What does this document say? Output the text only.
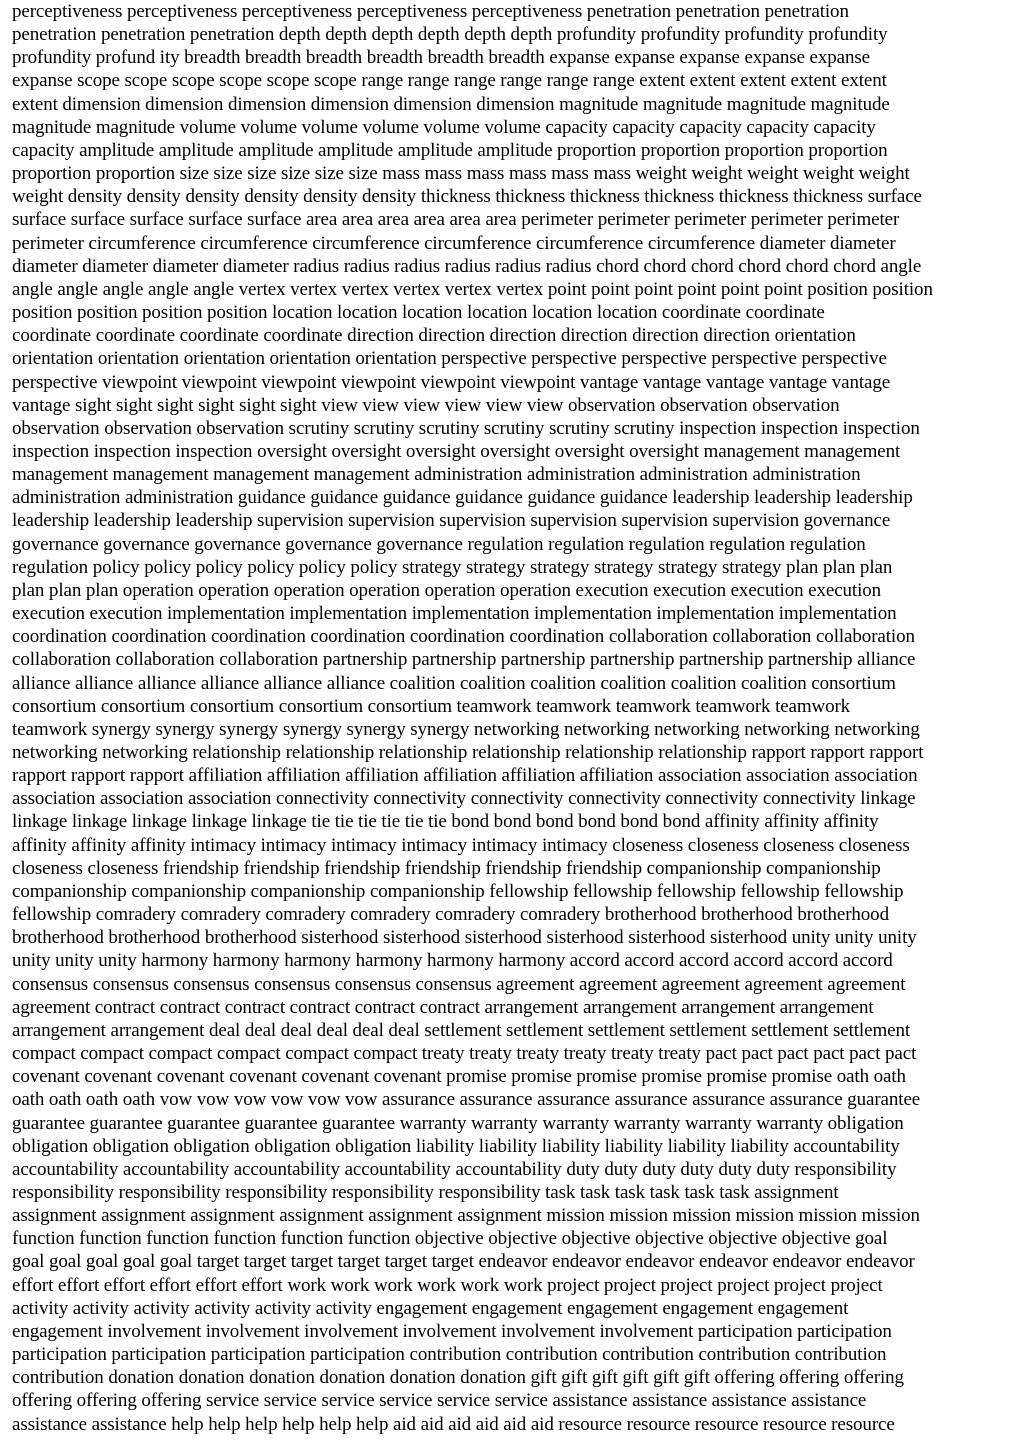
perceptiveness perceptiveness perceptiveness perceptiveness perceptiveness penetration penetration penetration
penetration penetration penetration depth depth depth depth depth depth profundity profundity profundity profundity
profundity profund ity breadth breadth breadth breadth breadth breadth expanse expanse expanse expanse expanse
expanse scope scope scope scope scope scope range range range range range range extent extent extent extent extent
extent dimension dimension dimension dimension dimension dimension magnitude magnitude magnitude magnitude
magnitude magnitude volume volume volume volume volume volume capacity capacity capacity capacity capacity
capacity amplitude amplitude amplitude amplitude amplitude amplitude proportion proportion proportion proportion
proportion proportion size size size size size size mass mass mass mass mass mass weight weight weight weight weight
weight density density density density density density thickness thickness thickness thickness thickness thickness surface
surface surface surface surface surface area area area area area area perimeter perimeter perimeter perimeter perimeter
perimeter circumference circumference circumference circumference circumference circumference diameter diameter
diameter diameter diameter diameter radius radius radius radius radius radius chord chord chord chord chord chord angle
angle angle angle angle angle vertex vertex vertex vertex vertex vertex point point point point point point position position
position position position position location location location location location location coordinate coordinate
coordinate coordinate coordinate coordinate direction direction direction direction direction direction orientation
orientation orientation orientation orientation orientation perspective perspective perspective perspective perspective
perspective viewpoint viewpoint viewpoint viewpoint viewpoint viewpoint vantage vantage vantage vantage vantage
vantage sight sight sight sight sight sight view view view view view view observation observation observation
observation observation observation scrutiny scrutiny scrutiny scrutiny scrutiny scrutiny inspection inspection inspection
inspection inspection inspection oversight oversight oversight oversight oversight oversight management management
management management management management administration administration administration administration
administration administration guidance guidance guidance guidance guidance guidance leadership leadership leadership
leadership leadership leadership supervision supervision supervision supervision supervision supervision governance
governance governance governance governance governance regulation regulation regulation regulation regulation
regulation policy policy policy policy policy policy strategy strategy strategy strategy strategy strategy plan plan plan
plan plan plan operation operation operation operation operation operation execution execution execution execution
execution execution implementation implementation implementation implementation implementation implementation
coordination coordination coordination coordination coordination coordination collaboration collaboration collaboration
collaboration collaboration collaboration partnership partnership partnership partnership partnership partnership alliance
alliance alliance alliance alliance alliance alliance coalition coalition coalition coalition coalition coalition consortium
consortium consortium consortium consortium consortium teamwork teamwork teamwork teamwork teamwork
teamwork synergy synergy synergy synergy synergy synergy networking networking networking networking networking
networking networking relationship relationship relationship relationship relationship relationship rapport rapport rapport
rapport rapport rapport affiliation affiliation affiliation affiliation affiliation affiliation association association association
association association association connectivity connectivity connectivity connectivity connectivity connectivity linkage
linkage linkage linkage linkage linkage tie tie tie tie tie tie bond bond bond bond bond bond affinity affinity affinity
affinity affinity affinity intimacy intimacy intimacy intimacy intimacy intimacy closeness closeness closeness closeness
closeness closeness friendship friendship friendship friendship friendship friendship companionship companionship
companionship companionship companionship companionship fellowship fellowship fellowship fellowship fellowship
fellowship comradery comradery comradery comradery comradery comradery brotherhood brotherhood brotherhood
brotherhood brotherhood brotherhood sisterhood sisterhood sisterhood sisterhood sisterhood sisterhood unity unity unity
unity unity unity harmony harmony harmony harmony harmony harmony accord accord accord accord accord accord
consensus consensus consensus consensus consensus consensus agreement agreement agreement agreement agreement
agreement contract contract contract contract contract contract arrangement arrangement arrangement arrangement
arrangement arrangement deal deal deal deal deal deal settlement settlement settlement settlement settlement settlement
compact compact compact compact compact compact treaty treaty treaty treaty treaty treaty pact pact pact pact pact pact
covenant covenant covenant covenant covenant covenant promise promise promise promise promise promise oath oath
oath oath oath oath vow vow vow vow vow vow assurance assurance assurance assurance assurance assurance guarantee
guarantee guarantee guarantee guarantee guarantee warranty warranty warranty warranty warranty warranty obligation
obligation obligation obligation obligation obligation liability liability liability liability liability liability accountability
accountability accountability accountability accountability accountability duty duty duty duty duty duty responsibility
responsibility responsibility responsibility responsibility responsibility task task task task task task assignment
assignment assignment assignment assignment assignment assignment mission mission mission mission mission mission
function function function function function function objective objective objective objective objective objective goal
goal goal goal goal goal target target target target target target endeavor endeavor endeavor endeavor endeavor endeavor
effort effort effort effort effort effort work work work work work work project project project project project project
activity activity activity activity activity activity engagement engagement engagement engagement engagement
engagement involvement involvement involvement involvement involvement involvement participation participation
participation participation participation participation contribution contribution contribution contribution contribution
contribution donation donation donation donation donation donation gift gift gift gift gift gift offering offering offering
offering offering offering service service service service service service assistance assistance assistance assistance
assistance assistance help help help help help help aid aid aid aid aid aid resource resource resource resource resource
